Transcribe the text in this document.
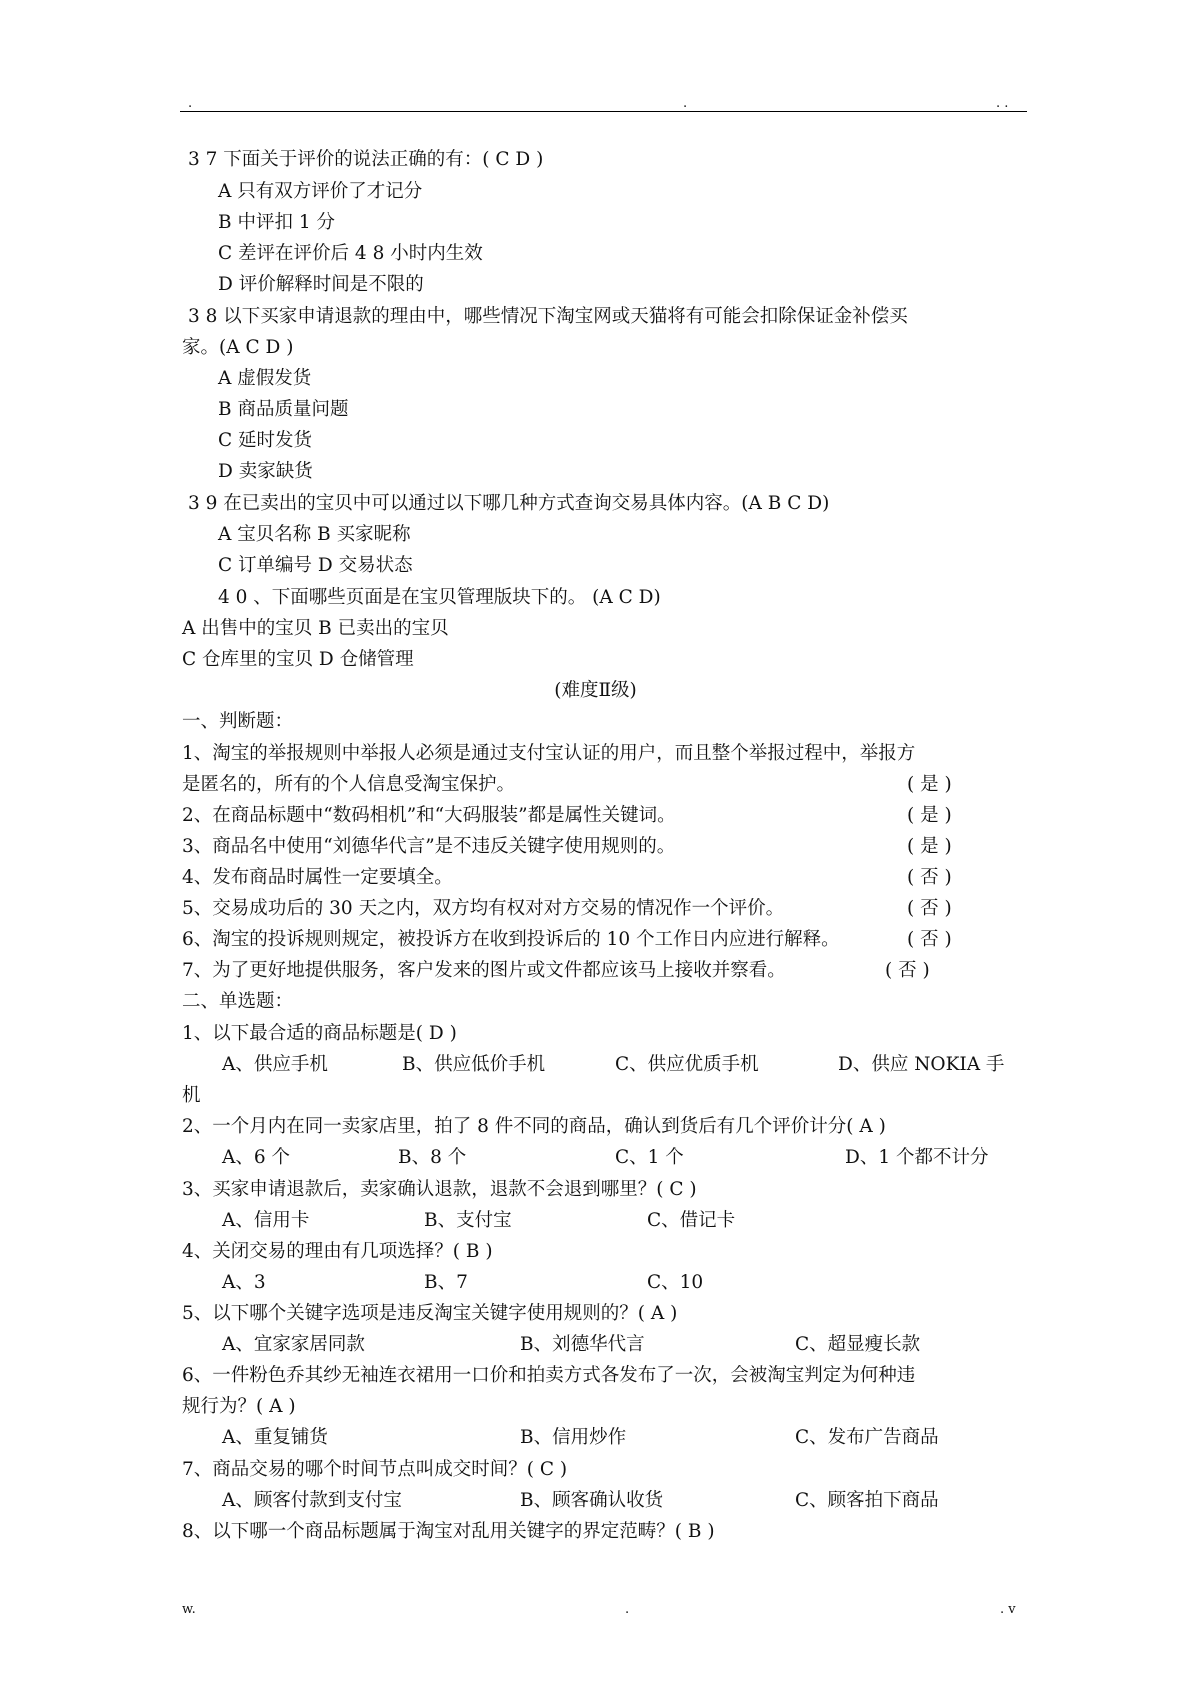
.	.	. .
3 7 下面关于评价的说法正确的有：( C D )
A 只有双方评价了才记分
B 中评扣 1 分
C 差评在评价后 4 8 小时内生效
D 评价解释时间是不限的
3 8 以下买家申请退款的理由中，哪些情况下淘宝网或天猫将有可能会扣除保证金补偿买
家。(A C D )
A 虚假发货
B 商品质量问题
C 延时发货
D 卖家缺货
3 9 在已卖出的宝贝中可以通过以下哪几种方式查询交易具体内容。(A B C D)
A 宝贝名称 B 买家昵称
C 订单编号 D 交易状态
4 0 、下面哪些页面是在宝贝管理版块下的。 (A C D)
A 出售中的宝贝 B 已卖出的宝贝
C 仓库里的宝贝 D 仓储管理
(难度Ⅱ级)
一、判断题：
1、淘宝的举报规则中举报人必须是通过支付宝认证的用户，而且整个举报过程中，举报方
是匿名的，所有的个人信息受淘宝保护。	( 是 )
2、在商品标题中“数码相机”和“大码服装”都是属性关键词。	( 是 )
3、商品名中使用“刘德华代言”是不违反关键字使用规则的。	( 是 )
4、发布商品时属性一定要填全。	( 否 )
5、交易成功后的 30 天之内，双方均有权对对方交易的情况作一个评价。	( 否 )
6、淘宝的投诉规则规定，被投诉方在收到投诉后的 10 个工作日内应进行解释。	( 否 )
7、为了更好地提供服务，客户发来的图片或文件都应该马上接收并察看。	( 否 )
二、单选题：
1、以下最合适的商品标题是( D )
A、供应手机	B、供应低价手机	C、供应优质手机	D、供应 NOKIA 手
机
2、一个月内在同一卖家店里，拍了 8 件不同的商品，确认到货后有几个评价计分( A )
A、6 个	B、8 个	C、1 个	D、1 个都不计分
3、买家申请退款后，卖家确认退款，退款不会退到哪里？( C )
A、信用卡	B、支付宝	C、借记卡
4、关闭交易的理由有几项选择？( B )
A、3	B、7	C、10
5、以下哪个关键字选项是违反淘宝关键字使用规则的？( A )
A、宜家家居同款	B、刘德华代言	C、超显瘦长款
6、一件粉色乔其纱无袖连衣裙用一口价和拍卖方式各发布了一次，会被淘宝判定为何种违
规行为？( A )
A、重复铺货	B、信用炒作	C、发布广告商品
7、商品交易的哪个时间节点叫成交时间？( C )
A、顾客付款到支付宝	B、顾客确认收货	C、顾客拍下商品
8、以下哪一个商品标题属于淘宝对乱用关键字的界定范畴？( B )
w.	.	. v
